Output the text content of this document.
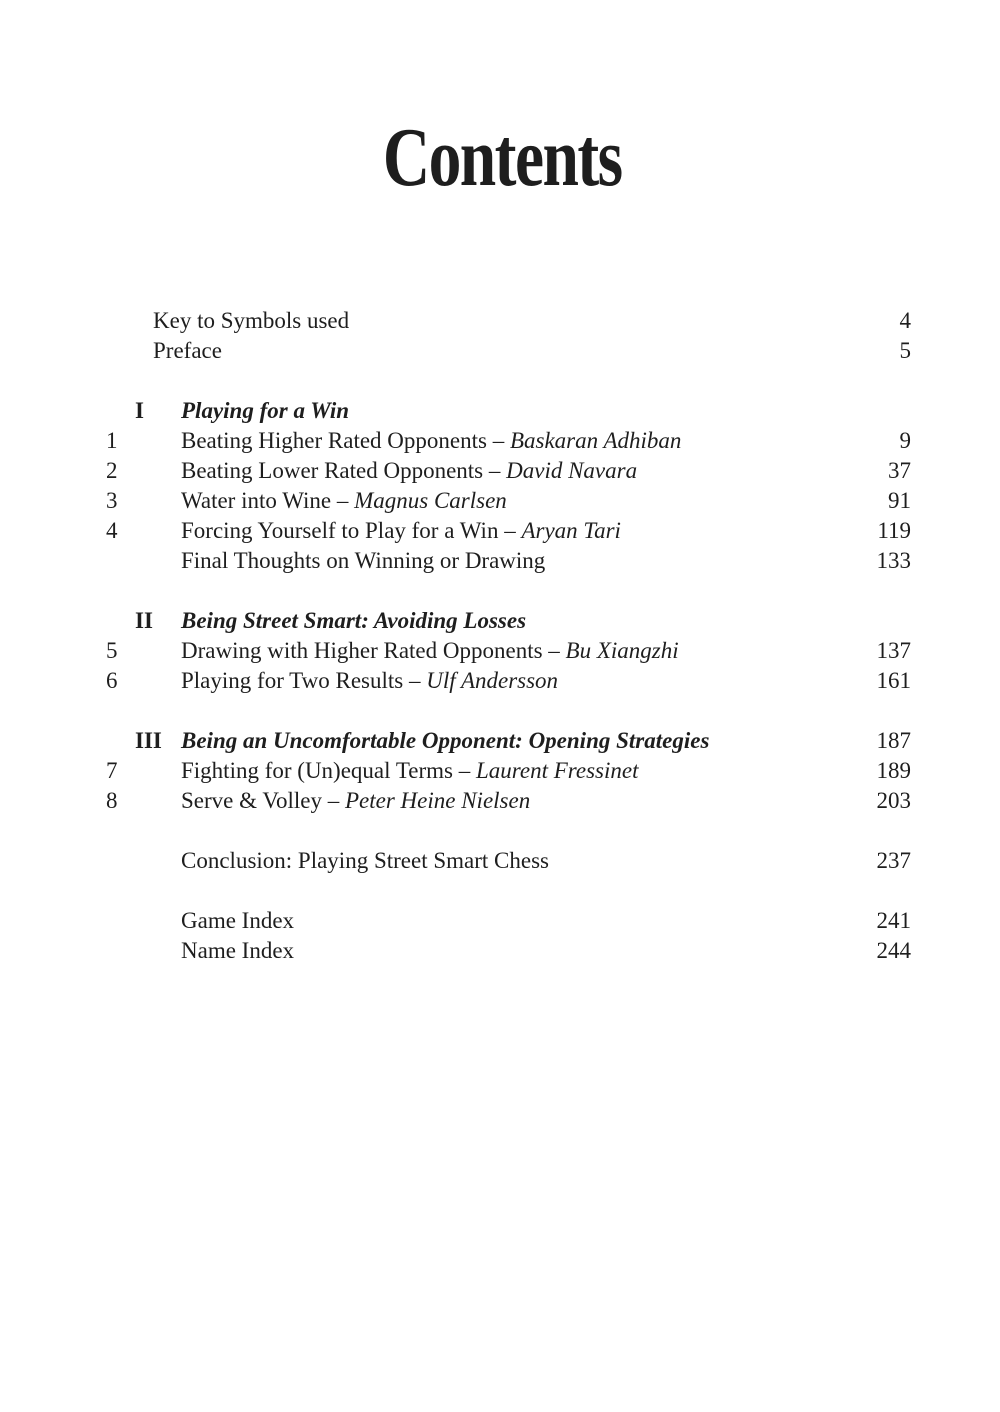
Contents
Key to Symbols used	4
Preface	5
I Playing for a Win
1	Beating Higher Rated Opponents – Baskaran Adhiban	9
2	Beating Lower Rated Opponents – David Navara	37
3	Water into Wine – Magnus Carlsen	91
4	Forcing Yourself to Play for a Win – Aryan Tari	119
Final Thoughts on Winning or Drawing	133
II Being Street Smart: Avoiding Losses
5	Drawing with Higher Rated Opponents – Bu Xiangzhi	137
6	Playing for Two Results – Ulf Andersson	161
III Being an Uncomfortable Opponent: Opening Strategies	187
7	Fighting for (Un)equal Terms – Laurent Fressinet	189
8	Serve & Volley – Peter Heine Nielsen	203
Conclusion: Playing Street Smart Chess	237
Game Index	241
Name Index	244
